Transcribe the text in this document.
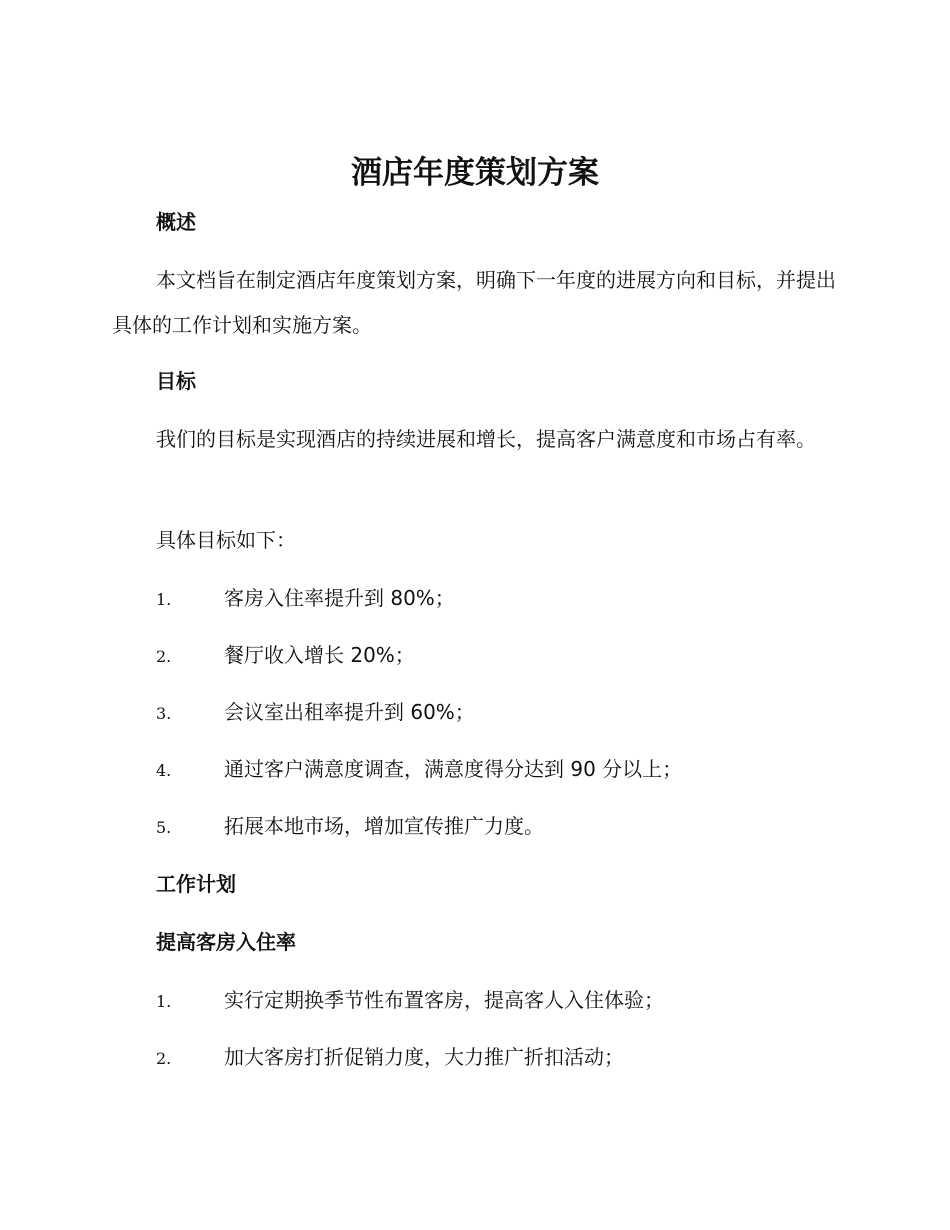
酒店年度策划方案
概述

本文档旨在制定酒店年度策划方案，明确下一年度的进展方向和目标，并提出具体的工作计划和实施方案。

目标

我们的目标是实现酒店的持续进展和增长，提高客户满意度和市场占有率。

具体目标如下：

1.	客房入住率提升到 80%；
2.	餐厅收入增长 20%；
3.	会议室出租率提升到 60%；
4.	通过客户满意度调查，满意度得分达到 90 分以上；
5.	拓展本地市场，增加宣传推广力度。
工作计划
提高客房入住率
1.	实行定期换季节性布置客房，提高客人入住体验；
2.	加大客房打折促销力度，大力推广折扣活动；
